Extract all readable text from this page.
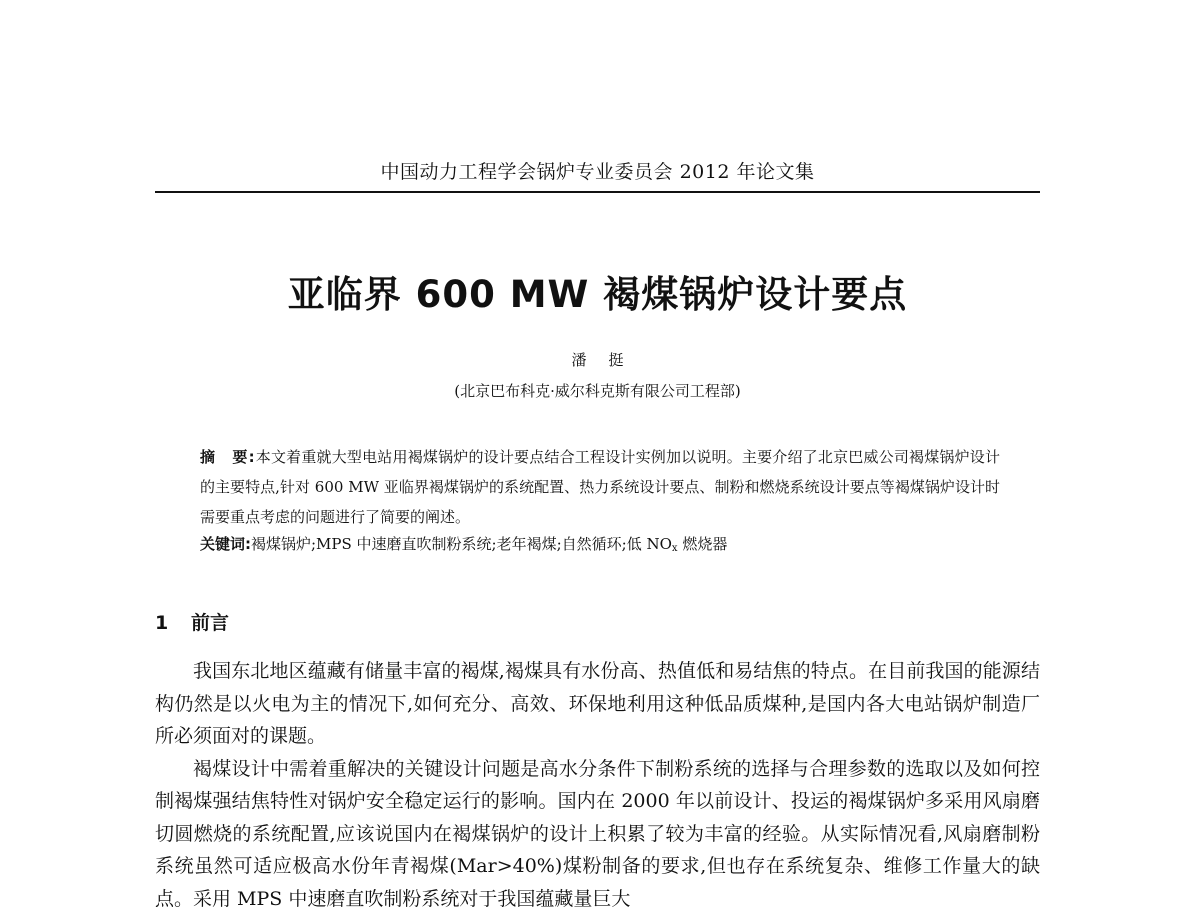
中国动力工程学会锅炉专业委员会 2012 年论文集
亚临界 600 MW 褐煤锅炉设计要点
潘挺
(北京巴布科克·威尔科克斯有限公司工程部)
摘　要:本文着重就大型电站用褐煤锅炉的设计要点结合工程设计实例加以说明。主要介绍了北京巴威公司褐煤锅炉设计的主要特点,针对 600 MW 亚临界褐煤锅炉的系统配置、热力系统设计要点、制粉和燃烧系统设计要点等褐煤锅炉设计时需要重点考虑的问题进行了简要的阐述。
关键词:褐煤锅炉;MPS 中速磨直吹制粉系统;老年褐煤;自然循环;低 $NO_x$ 燃烧器
1 前言

我国东北地区蕴藏有储量丰富的褐煤,褐煤具有水份高、热值低和易结焦的特点。在目前我国的能源结构仍然是以火电为主的情况下,如何充分、高效、环保地利用这种低品质煤种,是国内各大电站锅炉制造厂所必须面对的课题。

褐煤设计中需着重解决的关键设计问题是高水分条件下制粉系统的选择与合理参数的选取以及如何控制褐煤强结焦特性对锅炉安全稳定运行的影响。国内在 2000 年以前设计、投运的褐煤锅炉多采用风扇磨切圆燃烧的系统配置,应该说国内在褐煤锅炉的设计上积累了较为丰富的经验。从实际情况看,风扇磨制粉系统虽然可适应极高水份年青褐煤(Mar>40%)煤粉制备的要求,但也存在系统复杂、维修工作量大的缺点。采用 MPS 中速磨直吹制粉系统对于我国蕴藏量巨大
